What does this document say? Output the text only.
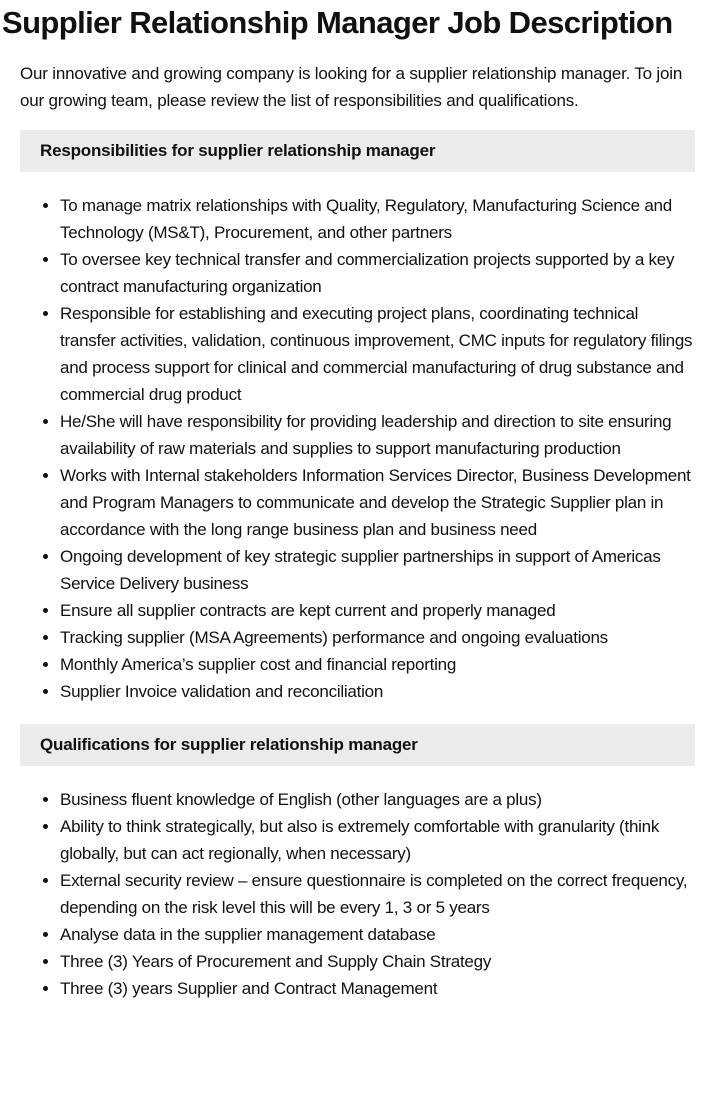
Supplier Relationship Manager Job Description

Our innovative and growing company is looking for a supplier relationship manager. To join our growing team, please review the list of responsibilities and qualifications.

Responsibilities for supplier relationship manager
• To manage matrix relationships with Quality, Regulatory, Manufacturing Science and Technology (MS&T), Procurement, and other partners
• To oversee key technical transfer and commercialization projects supported by a key contract manufacturing organization
• Responsible for establishing and executing project plans, coordinating technical transfer activities, validation, continuous improvement, CMC inputs for regulatory filings and process support for clinical and commercial manufacturing of drug substance and commercial drug product
• He/She will have responsibility for providing leadership and direction to site ensuring availability of raw materials and supplies to support manufacturing production
• Works with Internal stakeholders Information Services Director, Business Development and Program Managers to communicate and develop the Strategic Supplier plan in accordance with the long range business plan and business need
• Ongoing development of key strategic supplier partnerships in support of Americas Service Delivery business
• Ensure all supplier contracts are kept current and properly managed
• Tracking supplier (MSA Agreements) performance and ongoing evaluations
• Monthly America’s supplier cost and financial reporting
• Supplier Invoice validation and reconciliation
Qualifications for supplier relationship manager
• Business fluent knowledge of English (other languages are a plus)
• Ability to think strategically, but also is extremely comfortable with granularity (think globally, but can act regionally, when necessary)
• External security review – ensure questionnaire is completed on the correct frequency, depending on the risk level this will be every 1, 3 or 5 years
• Analyse data in the supplier management database
• Three (3) Years of Procurement and Supply Chain Strategy
• Three (3) years Supplier and Contract Management
